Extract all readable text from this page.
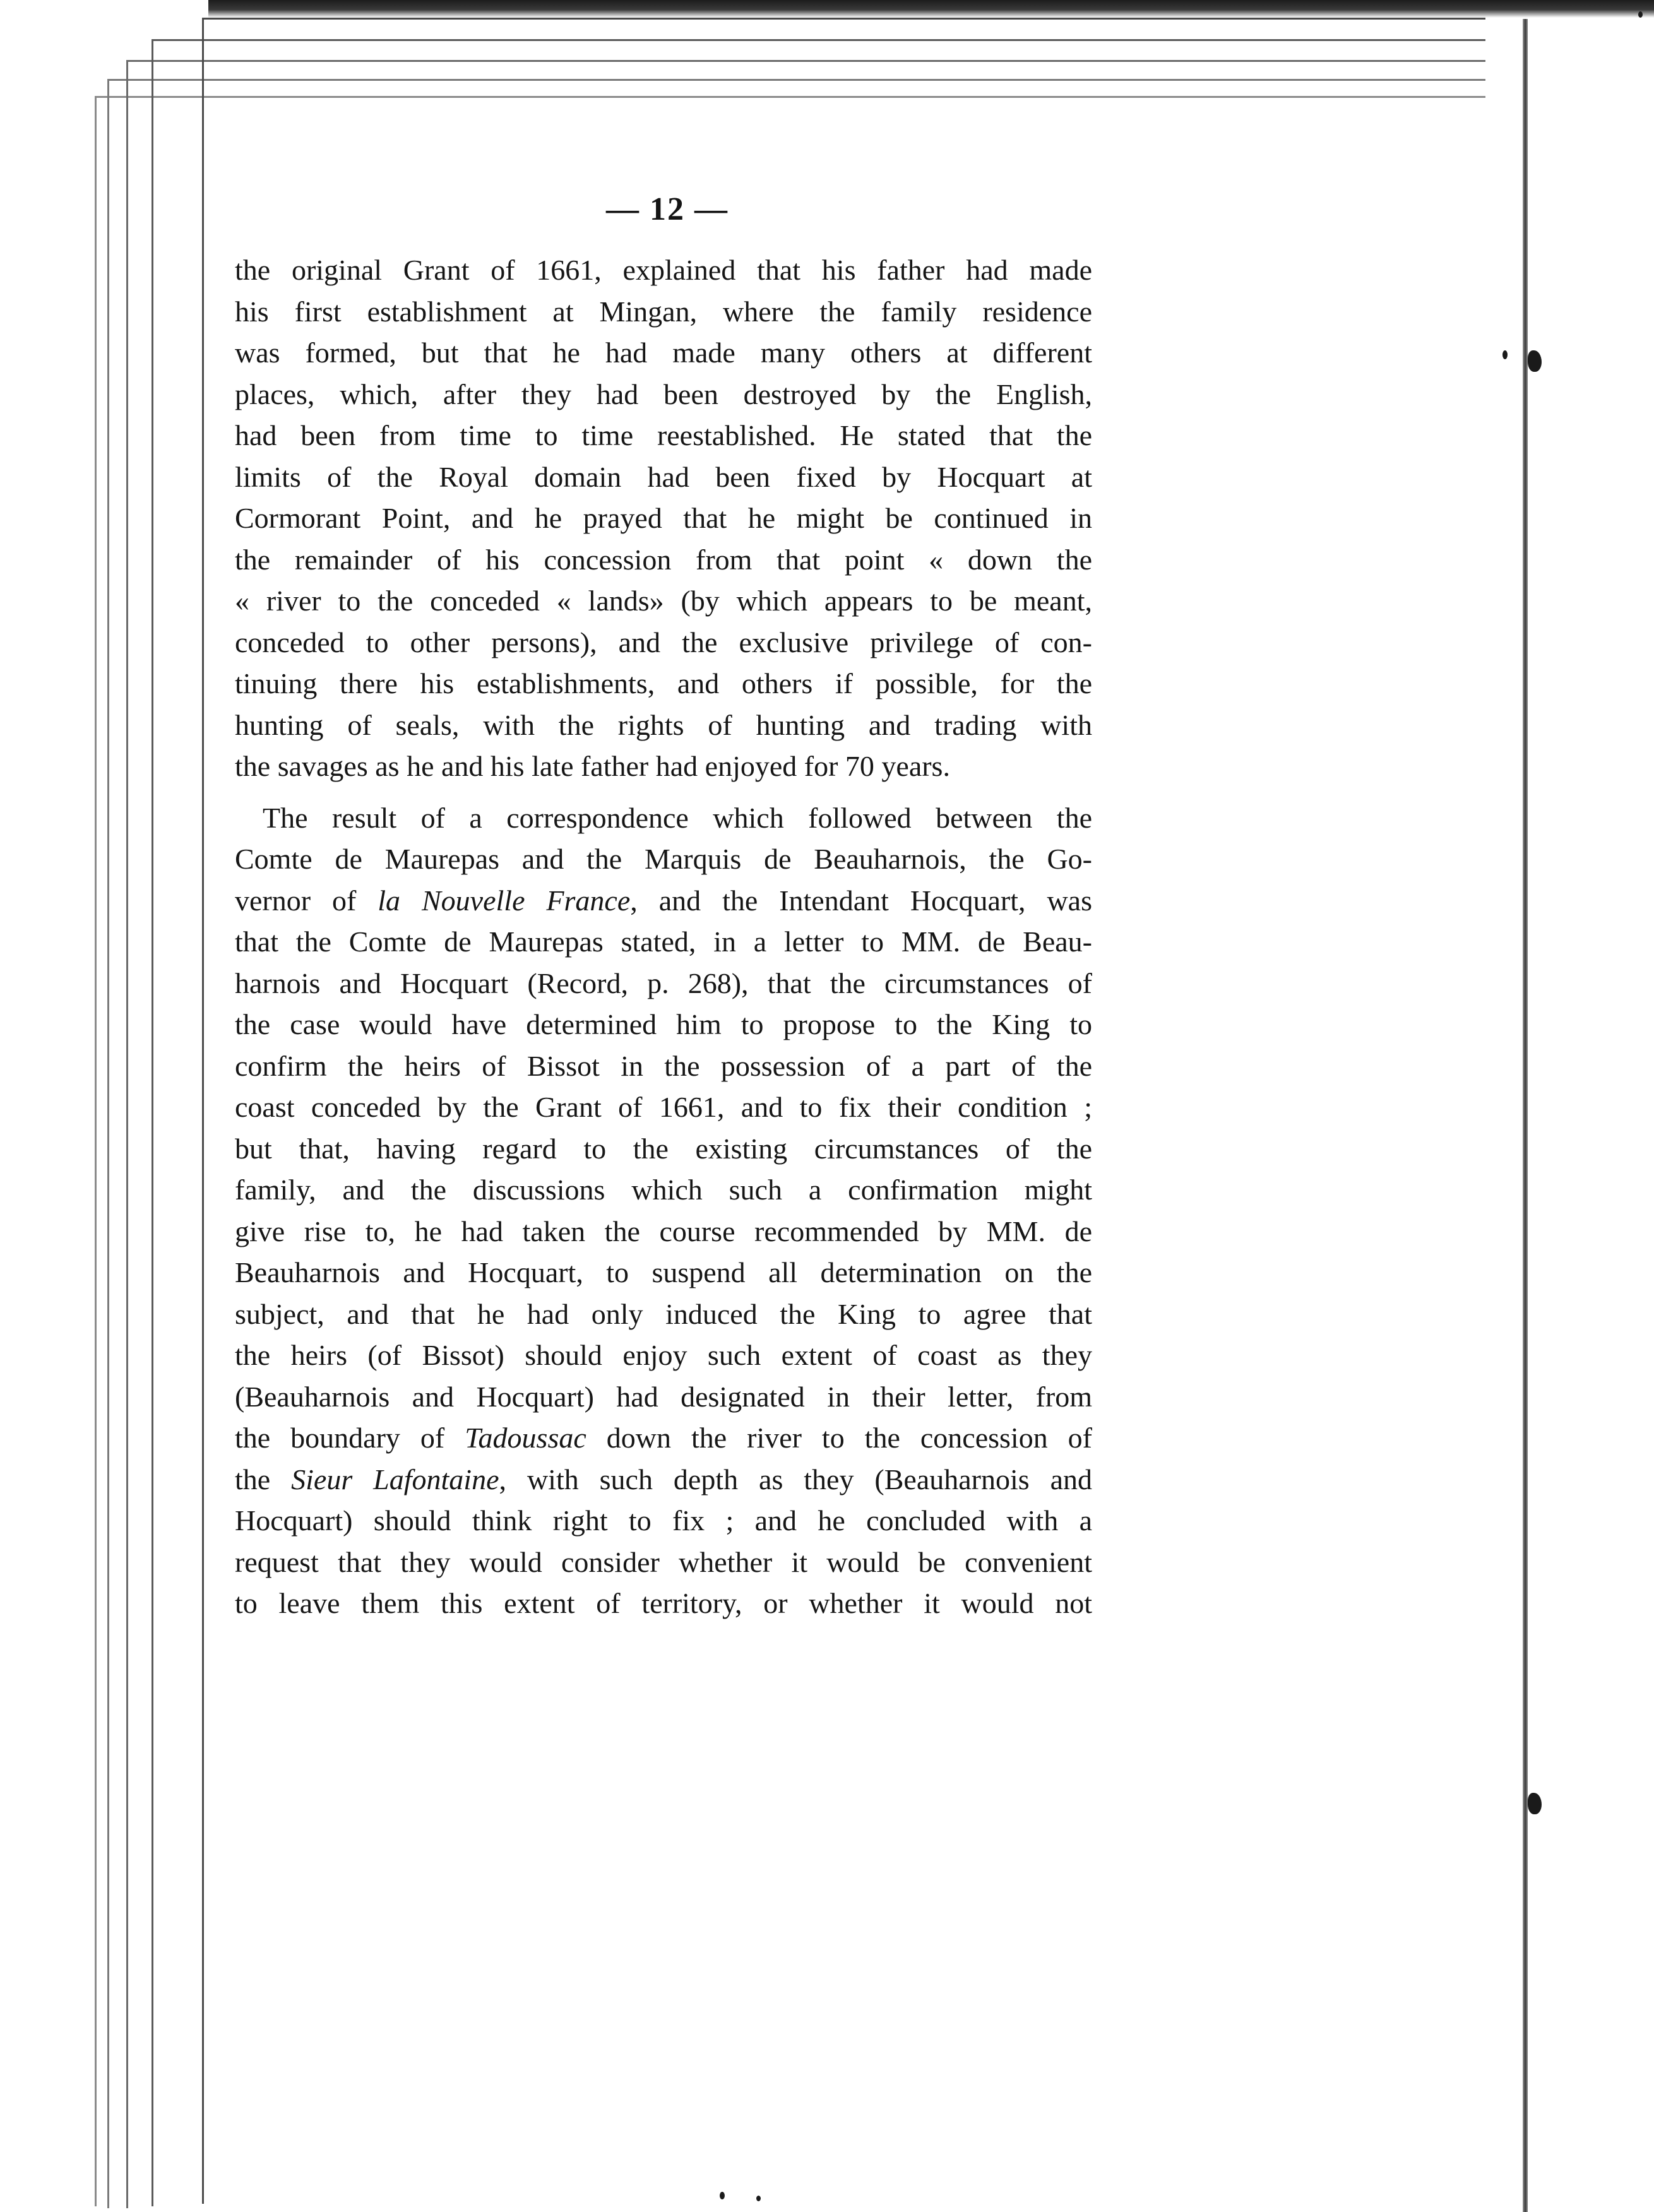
— 12 —
the original Grant of 1661, explained that his father had made
his first establishment at Mingan, where the family residence
was formed, but that he had made many others at different
places, which, after they had been destroyed by the English,
had been from time to time reestablished. He stated that the
limits of the Royal domain had been fixed by Hocquart at
Cormorant Point, and he prayed that he might be continued in
the remainder of his concession from that point « down the
« river to the conceded « lands» (by which appears to be meant,
conceded to other persons), and the exclusive privilege of con-
tinuing there his establishments, and others if possible, for the
hunting of seals, with the rights of hunting and trading with
the savages as he and his late father had enjoyed for 70 years.
The result of a correspondence which followed between the
Comte de Maurepas and the Marquis de Beauharnois, the Go-
vernor of la Nouvelle France, and the Intendant Hocquart, was
that the Comte de Maurepas stated, in a letter to MM. de Beau-
harnois and Hocquart (Record, p. 268), that the circumstances of
the case would have determined him to propose to the King to
confirm the heirs of Bissot in the possession of a part of the
coast conceded by the Grant of 1661, and to fix their condition ;
but that, having regard to the existing circumstances of the
family, and the discussions which such a confirmation might
give rise to, he had taken the course recommended by MM. de
Beauharnois and Hocquart, to suspend all determination on the
subject, and that he had only induced the King to agree that
the heirs (of Bissot) should enjoy such extent of coast as they
(Beauharnois and Hocquart) had designated in their letter, from
the boundary of Tadoussac down the river to the concession of
the Sieur Lafontaine, with such depth as they (Beauharnois and
Hocquart) should think right to fix ; and he concluded with a
request that they would consider whether it would be convenient
to leave them this extent of territory, or whether it would not
